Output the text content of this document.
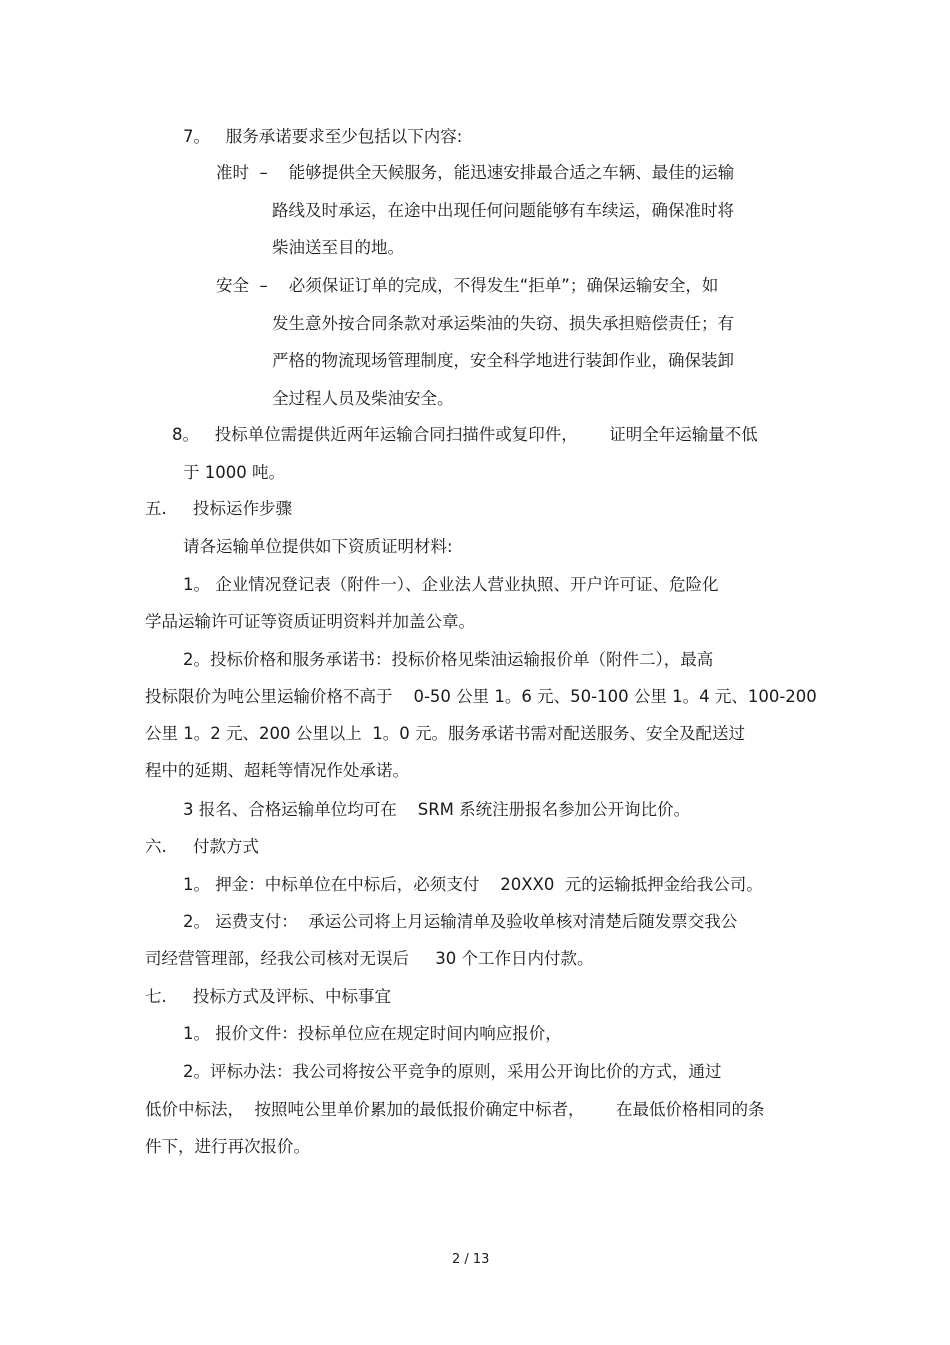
7。   服务承诺要求至少包括以下内容:
准时  –    能够提供全天候服务，能迅速安排最合适之车辆、最佳的运输
路线及时承运，在途中出现任何问题能够有车续运，确保准时将
柴油送至目的地。
安全  –    必须保证订单的完成，不得发生“拒单”；确保运输安全，如
发生意外按合同条款对承运柴油的失窃、损失承担赔偿责任；有
严格的物流现场管理制度，安全科学地进行装卸作业，确保装卸
全过程人员及柴油安全。
8。   投标单位需提供近两年运输合同扫描件或复印件，      证明全年运输量不低
于 1000 吨。
五.     投标运作步骤
请各运输单位提供如下资质证明材料:
1。 企业情况登记表（附件一）、企业法人营业执照、开户许可证、危险化
学品运输许可证等资质证明资料并加盖公章。
2。投标价格和服务承诺书：投标价格见柴油运输报价单（附件二），最高
投标限价为吨公里运输价格不高于    0-50 公里 1。6 元、50-100 公里 1。4 元、100-200
公里 1。2 元、200 公里以上  1。0 元。服务承诺书需对配送服务、安全及配送过
程中的延期、超耗等情况作处承诺。
3 报名、合格运输单位均可在    SRM 系统注册报名参加公开询比价。
六.     付款方式
1。 押金：中标单位在中标后，必须支付    20XX0  元的运输抵押金给我公司。
2。 运费支付：  承运公司将上月运输清单及验收单核对清楚后随发票交我公
司经营管理部，经我公司核对无误后     30 个工作日内付款。
七.     投标方式及评标、中标事宜
1。 报价文件：投标单位应在规定时间内响应报价，
2。评标办法：我公司将按公平竞争的原则，采用公开询比价的方式，通过
低价中标法，  按照吨公里单价累加的最低报价确定中标者，      在最低价格相同的条
件下，进行再次报价。
2 / 13
